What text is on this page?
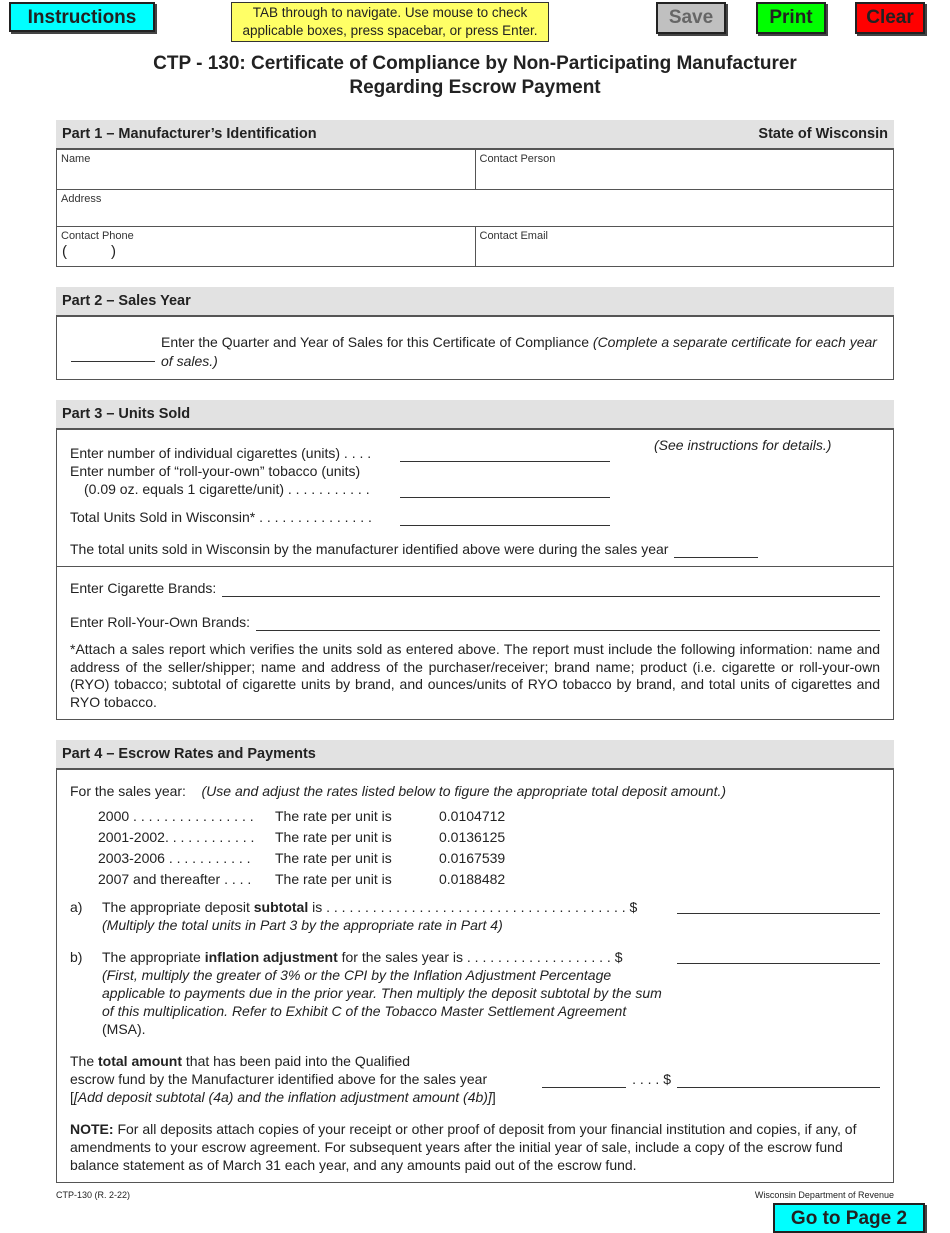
Instructions	TAB through to navigate. Use mouse to check applicable boxes, press spacebar, or press Enter.
Save	Print	Clear
CTP - 130: Certificate of Compliance by Non-Participating Manufacturer
Regarding Escrow Payment
Part 1 – Manufacturer’s Identification	State of Wisconsin
Name	Contact Person
Address
Contact Phone
(	)
Contact Email
Part 2 – Sales Year
Enter the Quarter and Year of Sales for this Certificate of Compliance (Complete a separate certificate for each year of sales.)
Part 3 – Units Sold
Enter number of individual cigarettes (units) . . . .	(See instructions for details.)
Enter number of “roll-your-own” tobacco (units)
(0.09 oz. equals 1 cigarette/unit) . . . . . . . . . . .
Total Units Sold in Wisconsin* . . . . . . . . . . . . . . .
The total units sold in Wisconsin by the manufacturer identified above were during the sales year
Enter Cigarette Brands:
Enter Roll-Your-Own Brands:
*Attach a sales report which verifies the units sold as entered above. The report must include the following information: name and address of the seller/shipper; name and address of the purchaser/receiver; brand name; product (i.e. cigarette or roll-your-own (RYO) tobacco; subtotal of cigarette units by brand, and ounces/units of RYO tobacco by brand, and total units of cigarettes and RYO tobacco.
Part 4 – Escrow Rates and Payments
For the sales year: (Use and adjust the rates listed below to figure the appropriate total deposit amount.)
2000 . . . . . . . . . . . . . . . .	The rate per unit is	0.0104712
2001-2002. . . . . . . . . . . .	The rate per unit is	0.0136125
2003-2006 . . . . . . . . . . .	The rate per unit is	0.0167539
2007 and thereafter . . . .	The rate per unit is	0.0188482
a)	The appropriate deposit subtotal is . . . . . . . . . . . . . . . . . . . . . . . . . . . . . . . . . . . . . . . $
(Multiply the total units in Part 3 by the appropriate rate in Part 4)
b)	The appropriate inflation adjustment for the sales year is . . . . . . . . . . . . . . . . . . . $
(First, multiply the greater of 3% or the CPI by the Inflation Adjustment Percentage applicable to payments due in the prior year. Then multiply the deposit subtotal by the sum of this multiplication. Refer to Exhibit C of the Tobacco Master Settlement Agreement (MSA).
The total amount that has been paid into the Qualified
escrow fund by the Manufacturer identified above for the sales year	. . . . $
[[Add deposit subtotal (4a) and the inflation adjustment amount (4b)]]
NOTE: For all deposits attach copies of your receipt or other proof of deposit from your financial institution and copies, if any, of amendments to your escrow agreement. For subsequent years after the initial year of sale, include a copy of the escrow fund balance statement as of March 31 each year, and any amounts paid out of the escrow fund.
CTP-130 (R. 2-22)	Wisconsin Department of Revenue
Go to Page 2
